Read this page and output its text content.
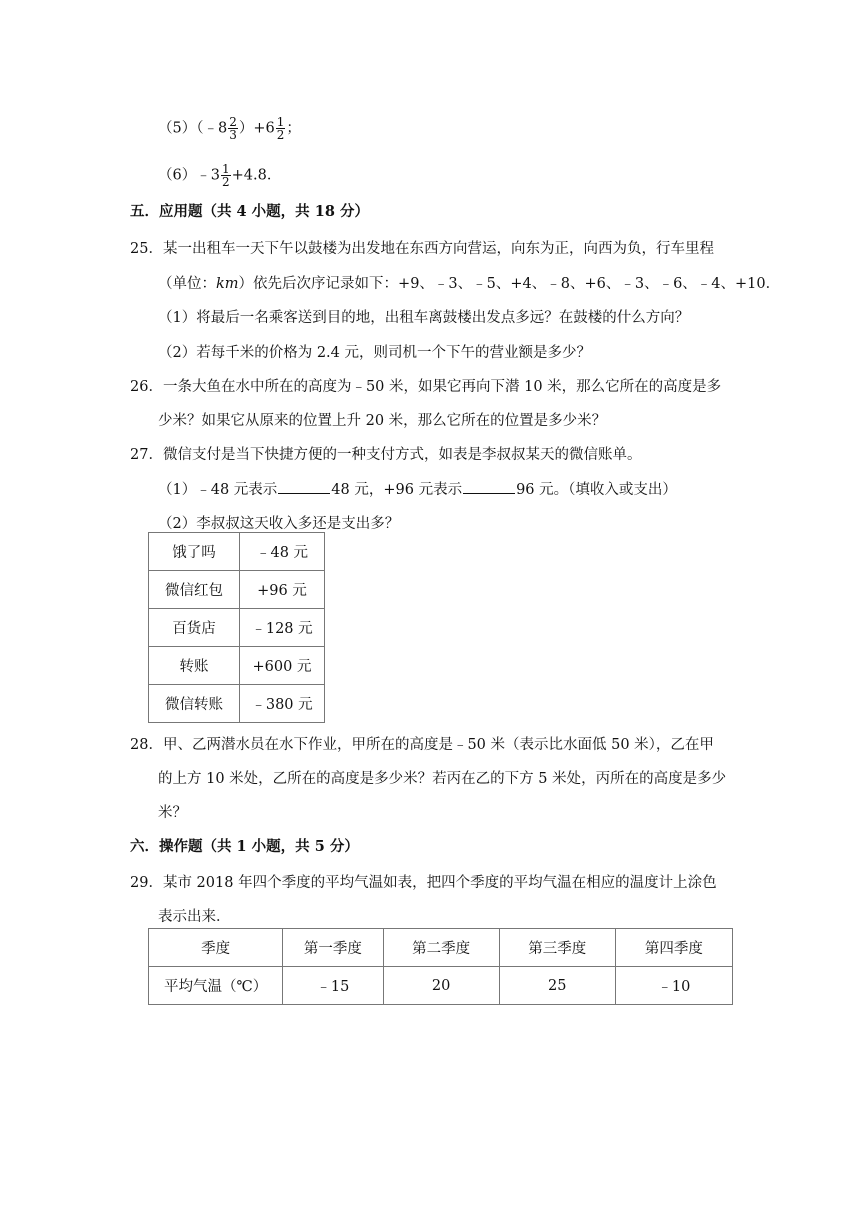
（5）（﹣8 $\frac{2}{3} )+6 \frac{1}{2}$ ；
（6）﹣3 $\frac{1}{2} +4.8$．
五．应用题（共 4 小题，共 18 分）
25．某一出租车一天下午以鼓楼为出发地在东西方向营运，向东为正，向西为负，行车里程
（单位：km）依先后次序记录如下：+9、﹣3、﹣5、+4、﹣8、+6、﹣3、﹣6、﹣4、+10．
（1）将最后一名乘客送到目的地，出租车离鼓楼出发点多远？在鼓楼的什么方向？
（2）若每千米的价格为 2.4 元，则司机一个下午的营业额是多少？
26．一条大鱼在水中所在的高度为﹣50 米，如果它再向下潜 10 米，那么它所在的高度是多
少米？如果它从原来的位置上升 20 米，那么它所在的位置是多少米？
27．微信支付是当下快捷方便的一种支付方式，如表是李叔叔某天的微信账单。
（1）﹣48 元表示	48 元，+96 元表示	96 元。（填收入或支出）
（2）李叔叔这天收入多还是支出多？
饿了吗	﹣48 元
微信红包	+96 元
百货店	﹣128 元
转账	+600 元
微信转账	﹣380 元
28．甲、乙两潜水员在水下作业，甲所在的高度是﹣50 米（表示比水面低 50 米），乙在甲
的上方 10 米处，乙所在的高度是多少米？若丙在乙的下方 5 米处，丙所在的高度是多少
米？
六．操作题（共 1 小题，共 5 分）
29．某市 2018 年四个季度的平均气温如表，把四个季度的平均气温在相应的温度计上涂色
表示出来．
季度	第一季度	第二季度	第三季度	第四季度
平均气温（℃）	﹣15	20	25	﹣10
